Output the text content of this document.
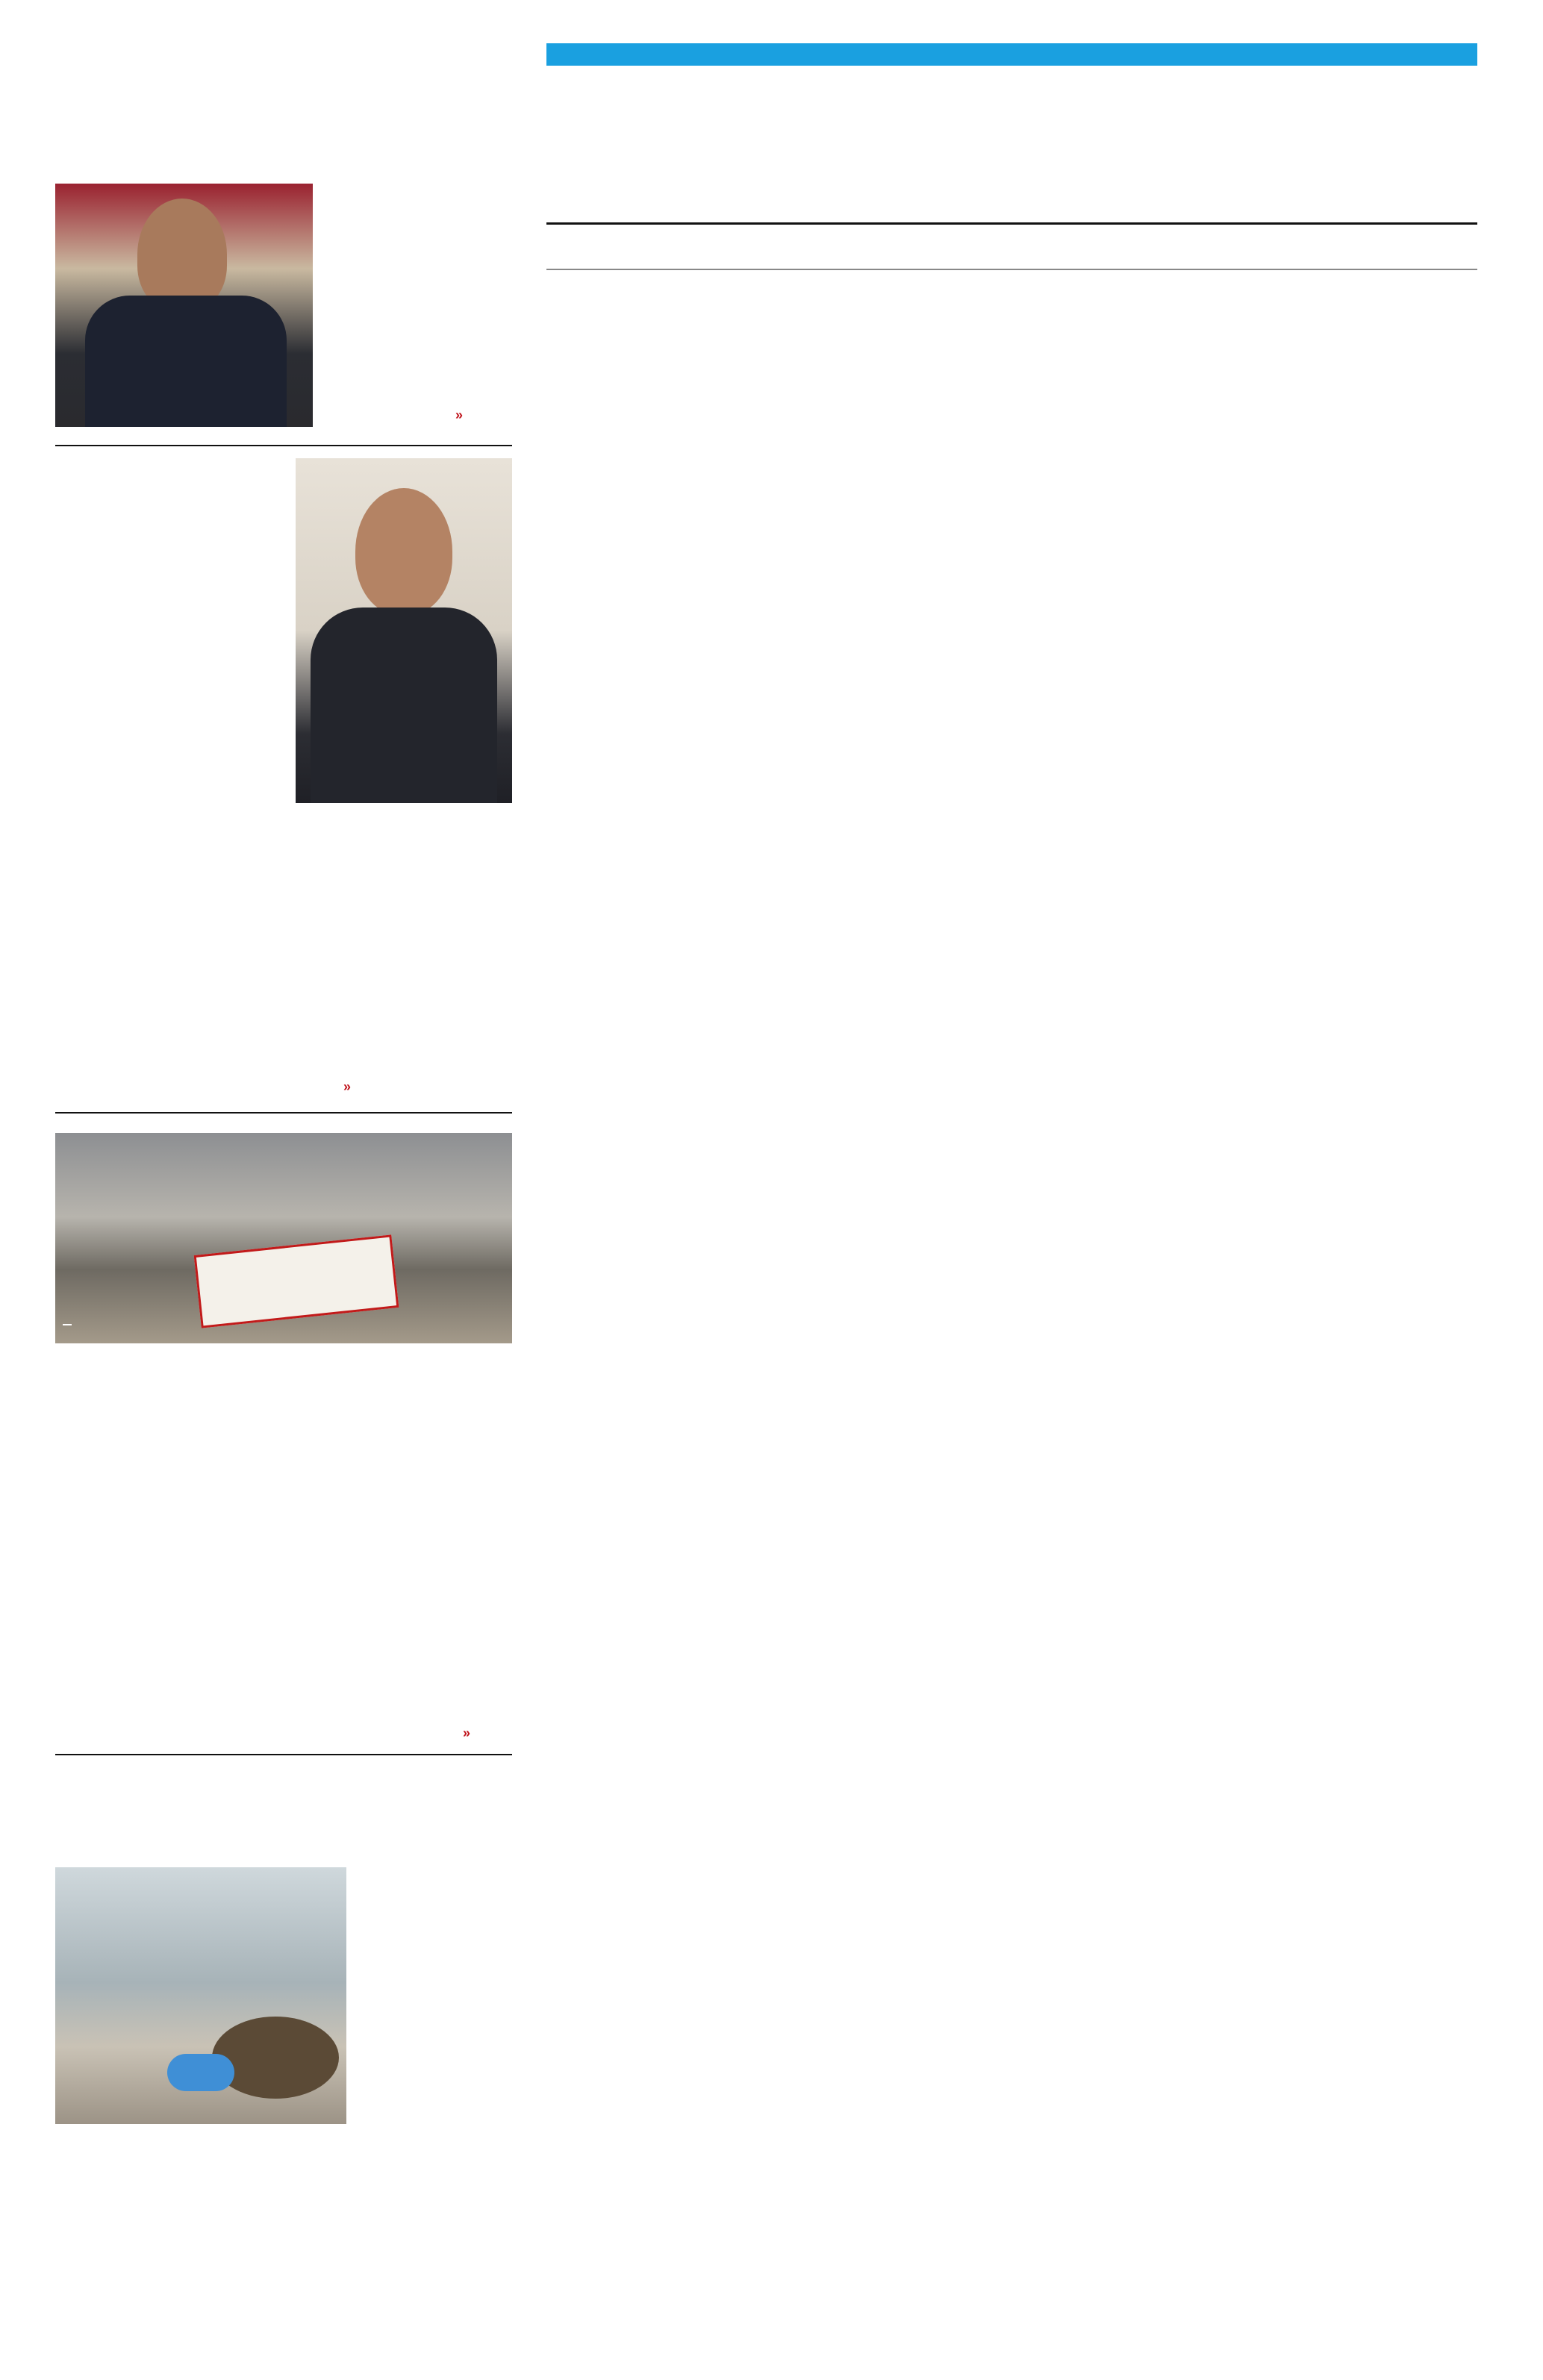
»
»
»
